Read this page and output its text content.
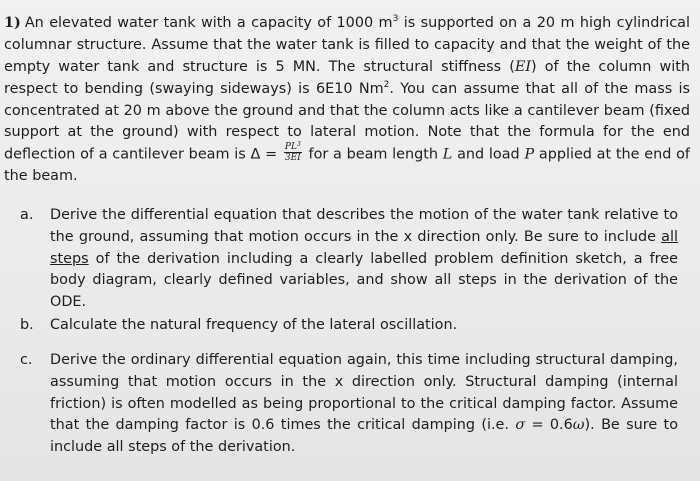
1) An elevated water tank with a capacity of 1000 $m^3$ is supported on a 20 m high cylindrical columnar structure. Assume that the water tank is filled to capacity and that the weight of the empty water tank and structure is 5 MN. The structural stiffness (EI) of the column with respect to bending (swaying sideways) is 6E10 Nm$^2$. You can assume that all of the mass is concentrated at 20 m above the ground and that the column acts like a cantilever beam (fixed support at the ground) with respect to lateral motion. Note that the formula for the end deflection of a cantilever beam is $\Delta = \frac{PL^3}{3EI}$ for a beam length L and load P applied at the end of the beam.

a. Derive the differential equation that describes the motion of the water tank relative to the ground, assuming that motion occurs in the x direction only. Be sure to include all steps of the derivation including a clearly labelled problem definition sketch, a free body diagram, clearly defined variables, and show all steps in the derivation of the ODE.
b. Calculate the natural frequency of the lateral oscillation.
c. Derive the ordinary differential equation again, this time including structural damping, assuming that motion occurs in the x direction only. Structural damping (internal friction) is often modelled as being proportional to the critical damping factor. Assume that the damping factor is 0.6 times the critical damping (i.e. σ = 0.6ω). Be sure to include all steps of the derivation.
